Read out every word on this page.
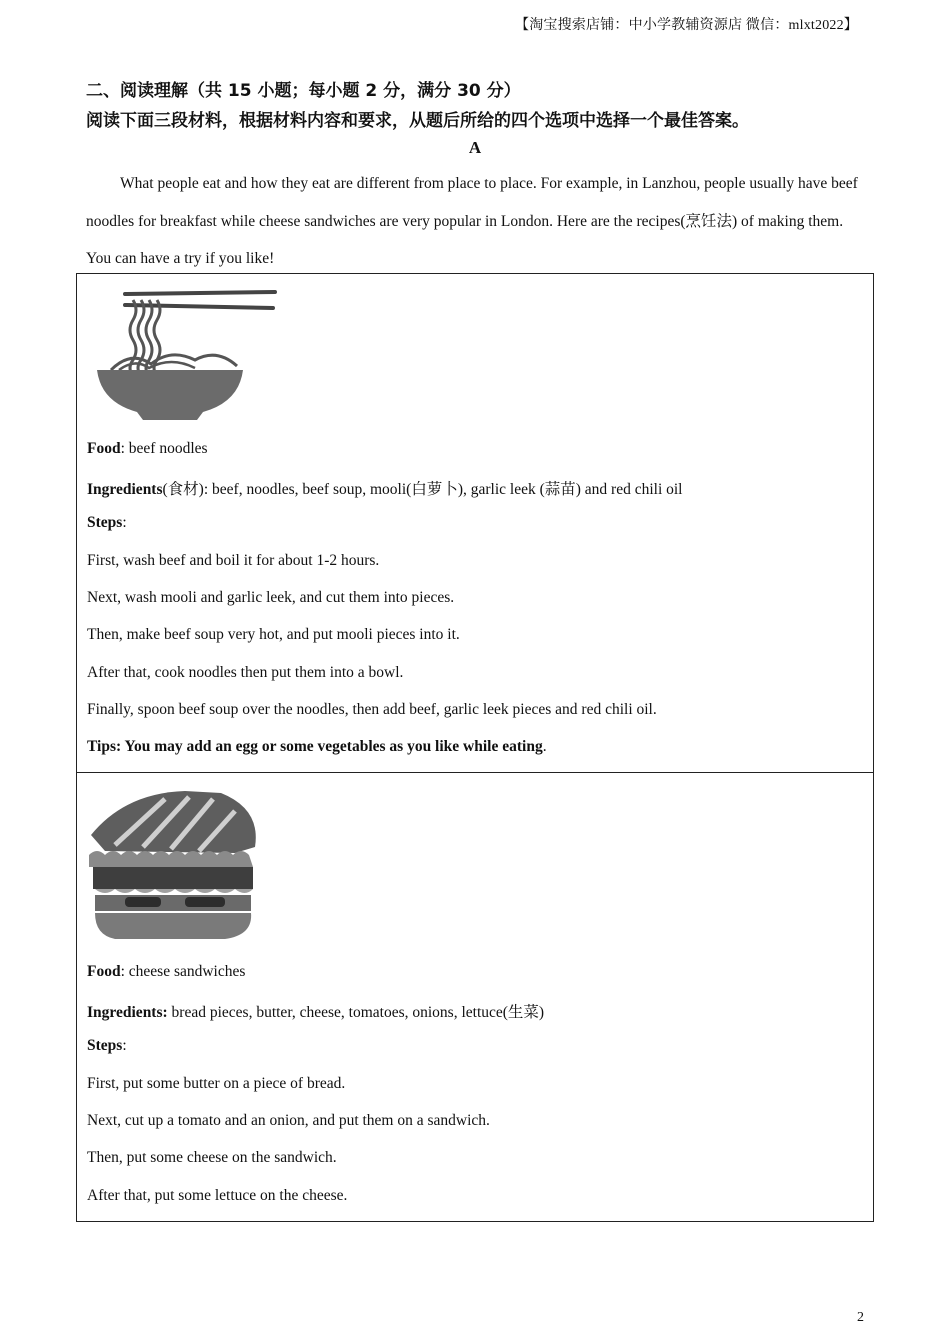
【淘宝搜索店铺：中小学教辅资源店 微信：mlxt2022】
二、阅读理解（共 15 小题；每小题 2 分，满分 30 分）
阅读下面三段材料，根据材料内容和要求，从题后所给的四个选项中选择一个最佳答案。
A

What people eat and how they eat are different from place to place. For example, in Lanzhou, people usually have beef noodles for breakfast while cheese sandwiches are very popular in London. Here are the recipes(烹饪法) of making them. You can have a try if you like!

Food: beef noodles
Ingredients(食材): beef, noodles, beef soup, mooli(白萝卜), garlic leek (蒜苗) and red chili oil
Steps:
First, wash beef and boil it for about 1-2 hours.
Next, wash mooli and garlic leek, and cut them into pieces.
Then, make beef soup very hot, and put mooli pieces into it.
After that, cook noodles then put them into a bowl.
Finally, spoon beef soup over the noodles, then add beef, garlic leek pieces and red chili oil.
Tips: You may add an egg or some vegetables as you like while eating.
Food: cheese sandwiches
Ingredients: bread pieces, butter, cheese, tomatoes, onions, lettuce(生菜)
Steps:
First, put some butter on a piece of bread.
Next, cut up a tomato and an onion, and put them on a sandwich.
Then, put some cheese on the sandwich.
After that, put some lettuce on the cheese.
2
